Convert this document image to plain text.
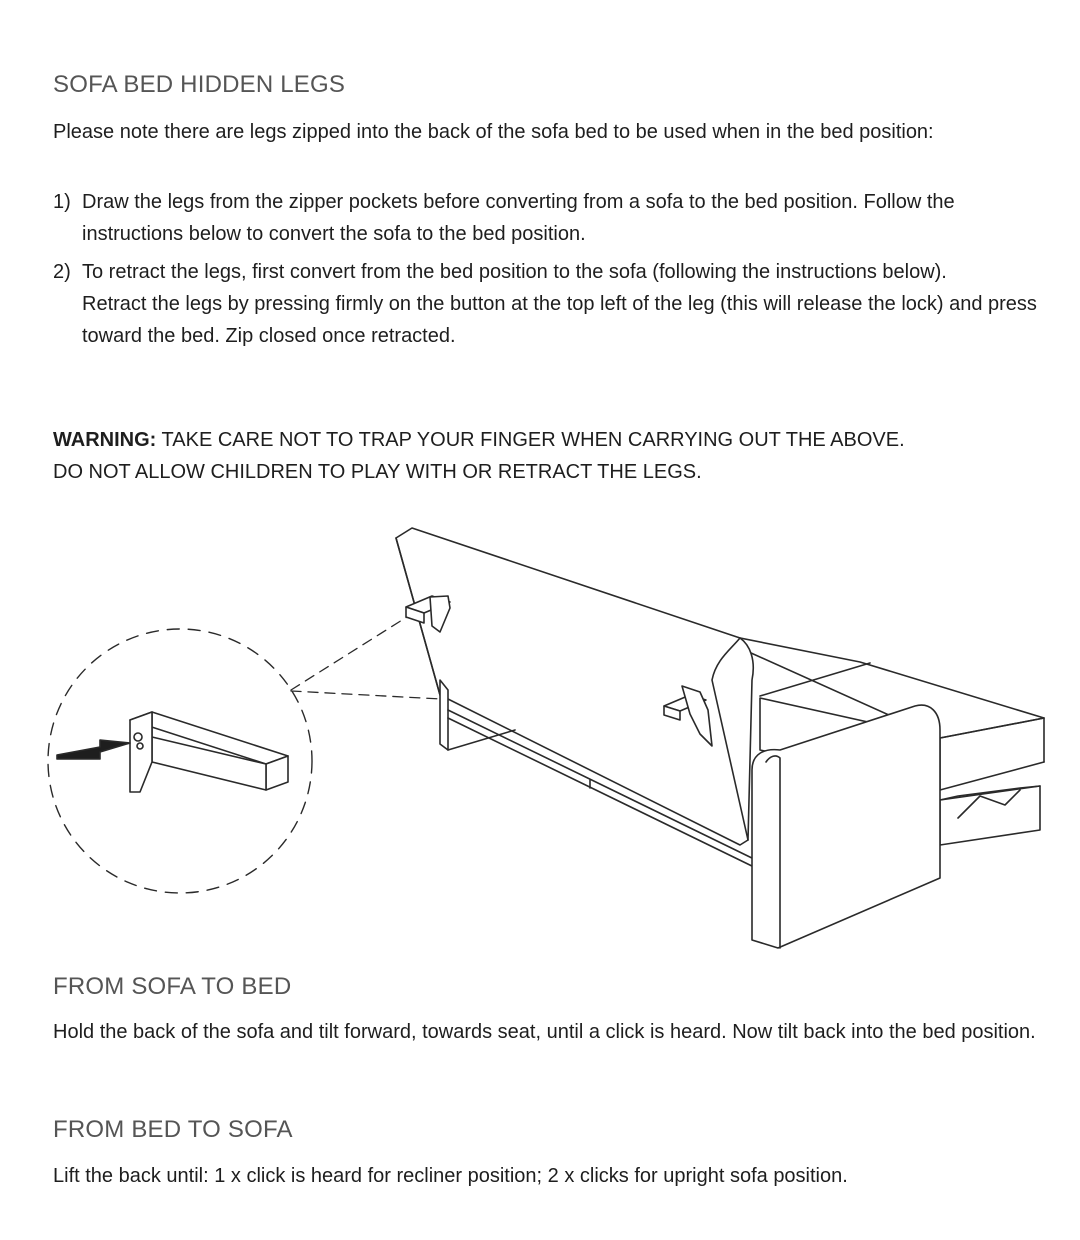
SOFA BED HIDDEN LEGS

Please note there are legs zipped into the back of the sofa bed to be used when in the bed position:

1) Draw the legs from the zipper pockets before converting from a sofa to the bed position. Follow the instructions below to convert the sofa to the bed position.

2) To retract the legs, first convert from the bed position to the sofa (following the instructions below).

Retract the legs by pressing firmly on the button at the top left of the leg (this will release the lock) and press toward the bed. Zip closed once retracted.

WARNING: TAKE CARE NOT TO TRAP YOUR FINGER WHEN CARRYING OUT THE ABOVE.

DO NOT ALLOW CHILDREN TO PLAY WITH OR RETRACT THE LEGS.

FROM SOFA TO BED

Hold the back of the sofa and tilt forward, towards seat, until a click is heard. Now tilt back into the bed position.

FROM BED TO SOFA

Lift the back until: 1 x click is heard for recliner position; 2 x clicks for upright sofa position.
